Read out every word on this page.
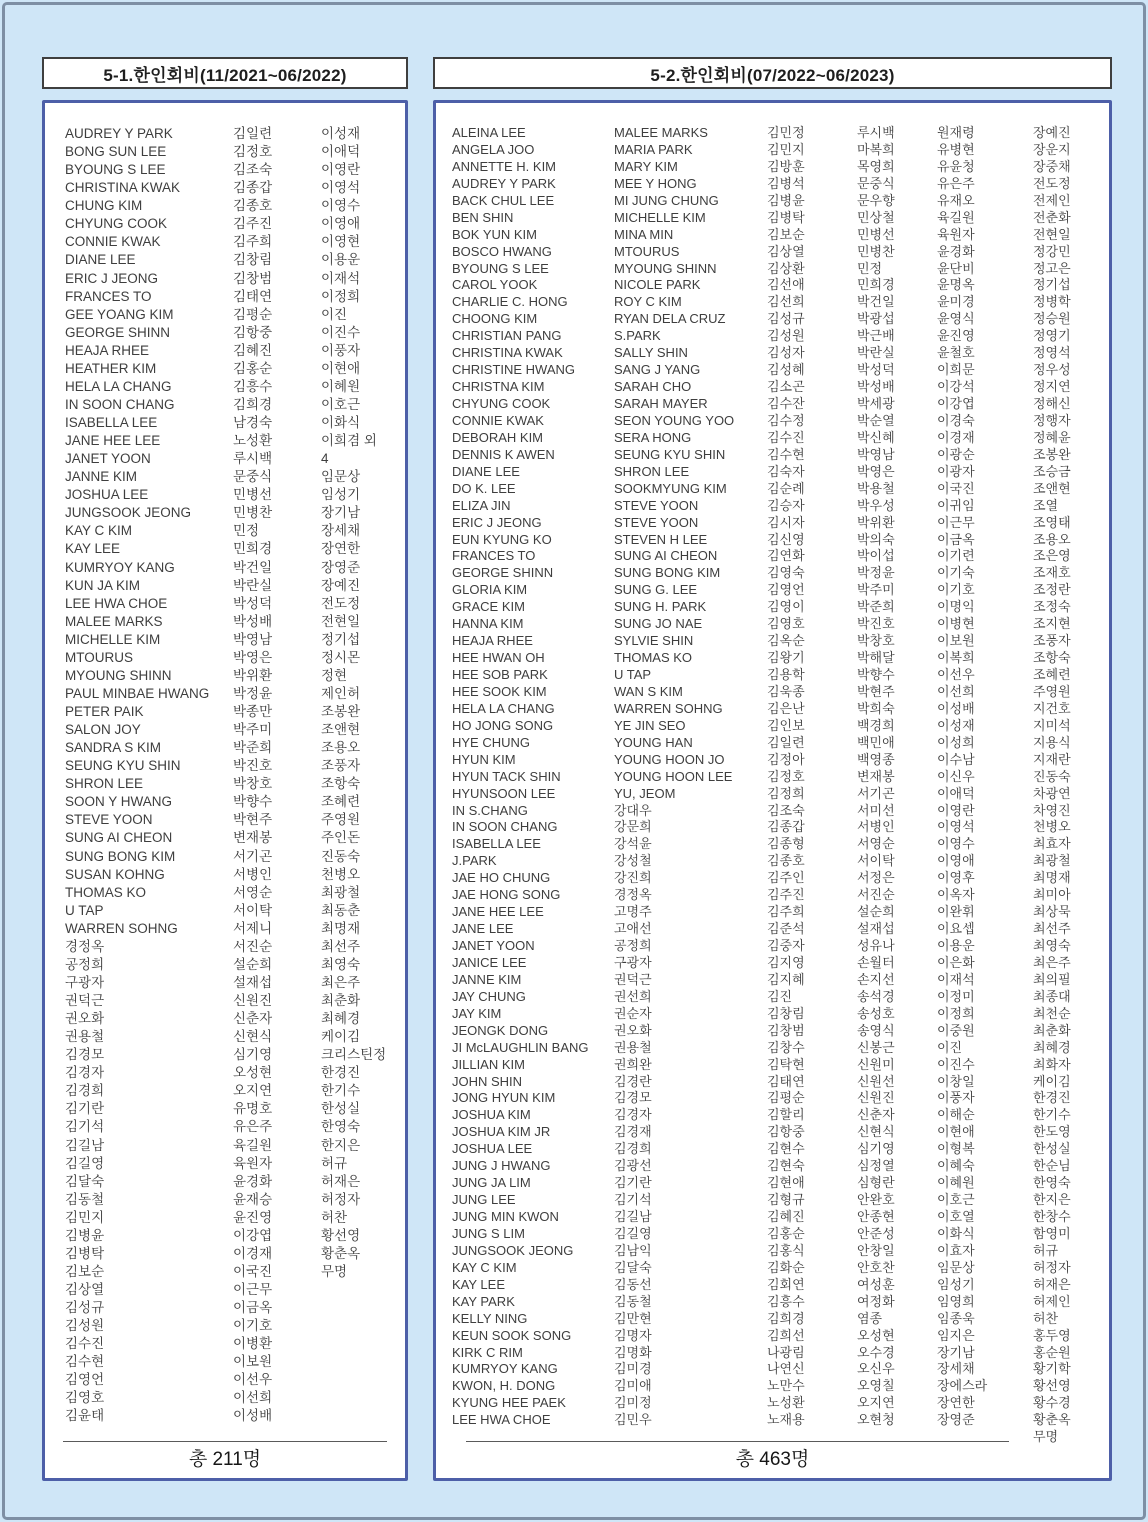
5-1.한인회비(11/2021~06/2022)
AUDREY Y PARK
BONG SUN LEE
BYOUNG S LEE
CHRISTINA KWAK
CHUNG KIM
CHYUNG COOK
CONNIE KWAK
DIANE LEE
ERIC J JEONG
FRANCES TO
GEE YOANG KIM
GEORGE SHINN
HEAJA RHEE
HEATHER KIM
HELA LA CHANG
IN SOON CHANG
ISABELLA LEE
JANE HEE LEE
JANET YOON
JANNE KIM
JOSHUA LEE
JUNGSOOK JEONG
KAY C KIM
KAY LEE
KUMRYOY KANG
KUN JA KIM
LEE HWA CHOE
MALEE MARKS
MICHELLE KIM
MTOURUS
MYOUNG SHINN
PAUL MINBAE HWANG
PETER PAIK
SALON JOY
SANDRA S KIM
SEUNG KYU SHIN
SHRON LEE
SOON Y HWANG
STEVE YOON
SUNG AI CHEON
SUNG BONG KIM
SUSAN KOHNG
THOMAS KO
U TAP
WARREN SOHNG
경정옥
공정희
구광자
권덕근
권오화
권용철
김경모
김경자
김경희
김기란
김기석
김길남
김길영
김달숙
김동철
김민지
김병윤
김병탁
김보순
김상열
김성규
김성원
김수진
김수현
김영언
김영호
김윤태
김일련
김정호
김조숙
김종갑
김종호
김주진
김주희
김창림
김창범
김태연
김평순
김항중
김혜진
김홍순
김흥수
김희경
남경숙
노성환
루시백
문중식
민병선
민병찬
민정
민희경
박건일
박란실
박성덕
박성배
박영남
박영은
박위환
박정윤
박종만
박주미
박준희
박진호
박창호
박향수
박현주
변재봉
서기곤
서병인
서영순
서이탁
서제니
서진순
설순희
설재섭
신원진
신춘자
신현식
심기영
오성현
오지연
유명호
유은주
육길원
육원자
윤경화
윤재승
윤진영
이강엽
이경재
이국진
이근무
이금옥
이기호
이병환
이보원
이선우
이선희
이성배
이성재
이애덕
이영란
이영석
이영수
이영애
이영현
이용운
이재석
이정희
이진
이진수
이풍자
이현애
이혜원
이호근
이화식
이희겸 외
4
임문상
임성기
장기남
장세채
장연한
장영준
장예진
전도정
전현일
정기섭
정시몬
정현
제인허
조봉완
조앤현
조용오
조풍자
조항숙
조혜련
주영원
주인돈
진동숙
천병오
최광철
최동춘
최명재
최선주
최영숙
최은주
최춘화
최혜경
케이김
크리스틴정
한경진
한기수
한성실
한영숙
한지은
허규
허재은
허정자
허찬
황선영
황춘옥
무명
총 211명
5-2.한인회비(07/2022~06/2023)
ALEINA LEE
ANGELA JOO
ANNETTE H. KIM
AUDREY Y PARK
BACK CHUL LEE
BEN SHIN
BOK YUN KIM
BOSCO HWANG
BYOUNG S LEE
CAROL YOOK
CHARLIE C. HONG
CHOONG KIM
CHRISTIAN PANG
CHRISTINA KWAK
CHRISTINE HWANG
CHRISTNA KIM
CHYUNG COOK
CONNIE KWAK
DEBORAH KIM
DENNIS K AWEN
DIANE LEE
DO K. LEE
ELIZA JIN
ERIC J JEONG
EUN KYUNG KO
FRANCES TO
GEORGE SHINN
GLORIA KIM
GRACE KIM
HANNA KIM
HEAJA RHEE
HEE HWAN OH
HEE SOB PARK
HEE SOOK KIM
HELA LA CHANG
HO JONG SONG
HYE CHUNG
HYUN KIM
HYUN TACK SHIN
HYUNSOON LEE
IN S.CHANG
IN SOON CHANG
ISABELLA LEE
J.PARK
JAE HO CHUNG
JAE HONG SONG
JANE HEE LEE
JANE LEE
JANET YOON
JANICE LEE
JANNE KIM
JAY CHUNG
JAY KIM
JEONGK DONG
JI McLAUGHLIN BANG
JILLIAN KIM
JOHN SHIN
JONG HYUN KIM
JOSHUA KIM
JOSHUA KIM JR
JOSHUA LEE
JUNG J HWANG
JUNG JA LIM
JUNG LEE
JUNG MIN KWON
JUNG S LIM
JUNGSOOK JEONG
KAY C KIM
KAY LEE
KAY PARK
KELLY NING
KEUN SOOK SONG
KIRK C RIM
KUMRYOY KANG
KWON, H. DONG
KYUNG HEE PAEK
LEE HWA CHOE
MALEE MARKS
MARIA PARK
MARY KIM
MEE Y HONG
MI JUNG CHUNG
MICHELLE KIM
MINA MIN
MTOURUS
MYOUNG SHINN
NICOLE PARK
ROY C KIM
RYAN DELA CRUZ
S.PARK
SALLY SHIN
SANG J YANG
SARAH CHO
SARAH MAYER
SEON YOUNG YOO
SERA HONG
SEUNG KYU SHIN
SHRON LEE
SOOKMYUNG KIM
STEVE YOON
STEVE YOON
STEVEN H LEE
SUNG AI CHEON
SUNG BONG KIM
SUNG G. LEE
SUNG H. PARK
SUNG JO NAE
SYLVIE SHIN
THOMAS KO
U TAP
WAN S KIM
WARREN SOHNG
YE JIN SEO
YOUNG HAN
YOUNG HOON JO
YOUNG HOON LEE
YU, JEOM
강대우
강문희
강석윤
강성철
강진희
경정옥
고명주
고애선
공정희
구광자
권덕근
권선희
권순자
권오화
권용철
권희완
김경란
김경모
김경자
김경재
김경희
김광선
김기란
김기석
김길남
김길영
김남익
김달숙
김동선
김동철
김만현
김명자
김명화
김미경
김미애
김미정
김민우
김민정
김민지
김방훈
김병석
김병윤
김병탁
김보순
김상열
김상환
김선애
김선희
김성규
김성원
김성자
김성혜
김소곤
김수잔
김수정
김수진
김수현
김숙자
김순례
김승자
김시자
김신영
김연화
김영숙
김영언
김영이
김영호
김옥순
김왕기
김용학
김욱종
김은난
김인보
김일련
김정아
김정호
김정희
김조숙
김종갑
김종형
김종호
김주인
김주진
김주희
김준석
김중자
김지영
김지혜
김진
김창림
김창범
김창수
김탁현
김태연
김평순
김할리
김항중
김현수
김현숙
김현애
김형규
김혜진
김홍순
김홍식
김화순
김회연
김흥수
김희경
김희선
나광림
나연신
노만수
노성환
노재용
루시백
마복희
목영희
문중식
문우향
민상철
민병선
민병찬
민정
민희경
박건일
박광섭
박근배
박란실
박성덕
박성배
박세광
박순열
박신혜
박영남
박영은
박용철
박우성
박위환
박의숙
박이섭
박정윤
박주미
박준희
박진호
박창호
박해달
박향수
박현주
박희숙
백경희
백민애
백영종
변재봉
서기곤
서미선
서병인
서영순
서이탁
서정은
서진순
설순희
설재섭
성유나
손월터
손지선
송석경
송성호
송영식
신봉근
신원미
신원선
신원진
신춘자
신현식
심기영
심정열
심형란
안완호
안종현
안준성
안창일
안호찬
여성훈
여정화
염종
오성현
오수경
오신우
오영칠
오지연
오현청
원재령
유병현
유윤청
유은주
유재오
육길원
육원자
윤경화
윤단비
윤명옥
윤미경
윤영식
윤진영
윤철호
이희문
이강석
이강엽
이경숙
이경재
이광순
이광자
이국진
이귀임
이근무
이금옥
이기련
이기숙
이기호
이명익
이병현
이보원
이복희
이선우
이선희
이성배
이성재
이성희
이수남
이신우
이애덕
이영란
이영석
이영수
이영애
이영후
이옥자
이완휘
이요셉
이용운
이은화
이재석
이정미
이정희
이중원
이진
이진수
이창일
이풍자
이해순
이현애
이형복
이혜숙
이혜원
이호근
이호열
이화식
이효자
임문상
임성기
임영희
임종욱
임지은
장기남
장세채
장에스라
장연한
장영준
장예진
장운지
장중채
전도정
전제인
전춘화
전현일
정강민
정고은
정기섭
정병학
정승원
정영기
정영석
정우성
정지연
정해신
정행자
정혜윤
조봉완
조승금
조앤현
조열
조영태
조용오
조은영
조재호
조정란
조정숙
조지현
조풍자
조항숙
조혜련
주영원
지건호
지미석
지용식
지재란
진동숙
차광연
차영진
천병오
최효자
최광철
최명재
최미아
최상묵
최선주
최영숙
최은주
최의필
최종대
최천순
최춘화
최혜경
최화자
케이김
한경진
한기수
한도영
한성실
한순님
한영숙
한지은
한창수
함영미
허규
허정자
허재은
허제인
허찬
홍두영
홍순원
황기학
황선영
황수경
황춘옥
무명
총 463명
